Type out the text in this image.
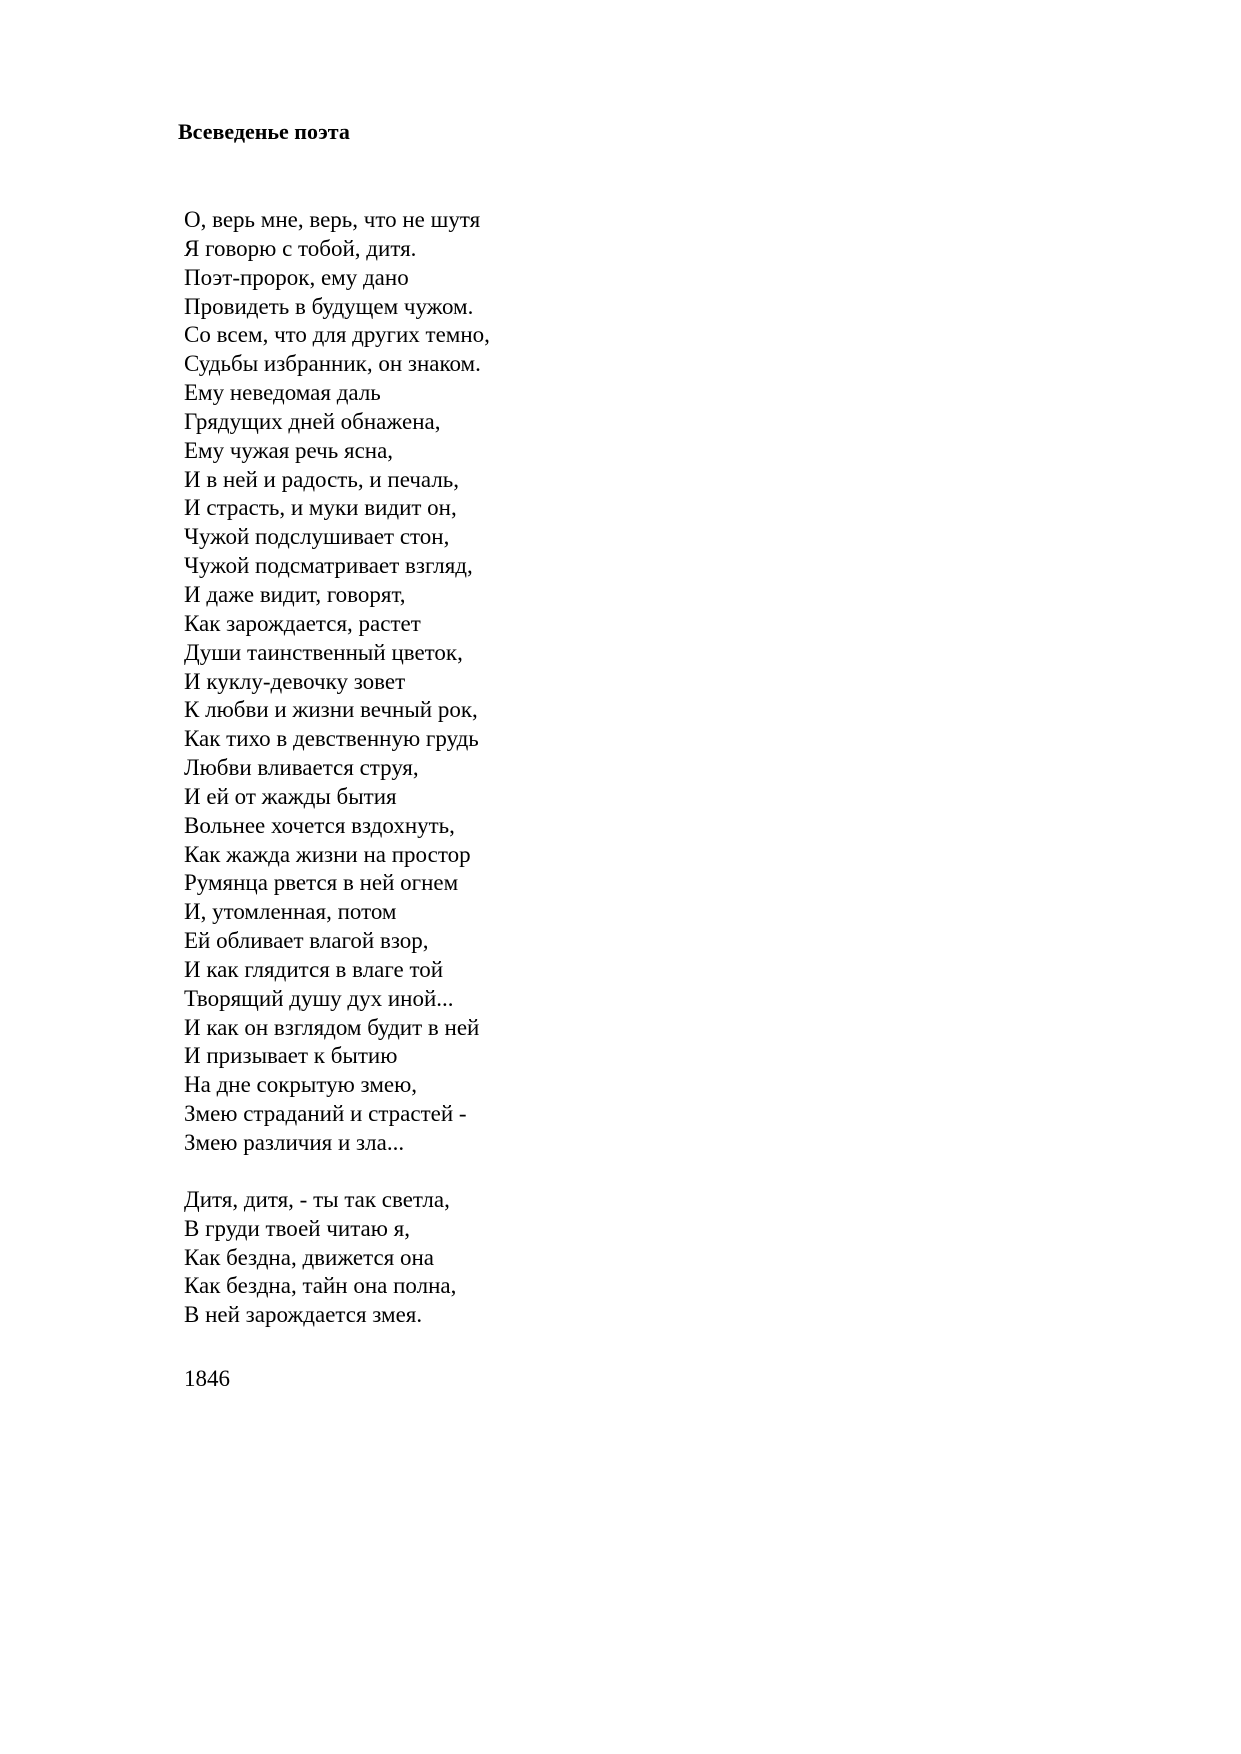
Всеведенье поэта
О, верь мне, верь, что не шутя
Я говорю с тобой, дитя.
Поэт-пророк, ему дано
Провидеть в будущем чужом.
Со всем, что для других темно,
Судьбы избранник, он знаком.
Ему неведомая даль
Грядущих дней обнажена,
Ему чужая речь ясна,
И в ней и радость, и печаль,
И страсть, и муки видит он,
Чужой подслушивает стон,
Чужой подсматривает взгляд,
И даже видит, говорят,
Как зарождается, растет
Души таинственный цветок,
И куклу-девочку зовет
К любви и жизни вечный рок,
Как тихо в девственную грудь
Любви вливается струя,
И ей от жажды бытия
Вольнее хочется вздохнуть,
Как жажда жизни на простор
Румянца рвется в ней огнем
И, утомленная, потом
Ей обливает влагой взор,
И как глядится в влаге той
Творящий душу дух иной...
И как он взглядом будит в ней
И призывает к бытию
На дне сокрытую змею,
Змею страданий и страстей -
Змею различия и зла...
Дитя, дитя, - ты так светла,
В груди твоей читаю я,
Как бездна, движется она
Как бездна, тайн она полна,
В ней зарождается змея.
1846
